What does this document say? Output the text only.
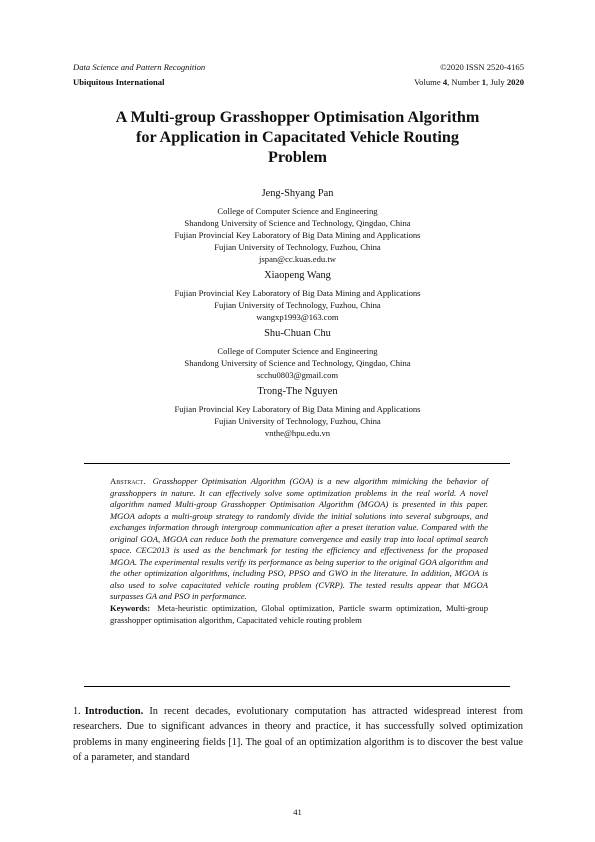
Data Science and Pattern Recognition
Ubiquitous International
©2020 ISSN 2520-4165
Volume 4, Number 1, July 2020
A Multi-group Grasshopper Optimisation Algorithm
for Application in Capacitated Vehicle Routing
Problem
Jeng-Shyang Pan
College of Computer Science and Engineering
Shandong University of Science and Technology, Qingdao, China
Fujian Provincial Key Laboratory of Big Data Mining and Applications
Fujian University of Technology, Fuzhou, China
jspan@cc.kuas.edu.tw
Xiaopeng Wang
Fujian Provincial Key Laboratory of Big Data Mining and Applications
Fujian University of Technology, Fuzhou, China
wangxp1993@163.com
Shu-Chuan Chu
College of Computer Science and Engineering
Shandong University of Science and Technology, Qingdao, China
scchu0803@gmail.com
Trong-The Nguyen
Fujian Provincial Key Laboratory of Big Data Mining and Applications
Fujian University of Technology, Fuzhou, China
vnthe@hpu.edu.vn
Abstract. Grasshopper Optimisation Algorithm (GOA) is a new algorithm mimicking the behavior of grasshoppers in nature. It can effectively solve some optimization problems in the real world. A novel algorithm named Multi-group Grasshopper Optimisation Algorithm (MGOA) is presented in this paper. MGOA adopts a multi-group strategy to randomly divide the initial solutions into several subgroups, and exchanges information through intergroup communication after a preset iteration value. Compared with the original GOA, MGOA can reduce both the premature convergence and easily trap into local optimal search space. CEC2013 is used as the benchmark for testing the efficiency and effectiveness for the proposed MGOA. The experimental results verify its performance as being superior to the original GOA algorithm and the other optimization algorithms, including PSO, PPSO and GWO in the literature. In addition, MGOA is also used to solve capacitated vehicle routing problem (CVRP). The tested results appear that MGOA surpasses GA and PSO in performance.
Keywords: Meta-heuristic optimization, Global optimization, Particle swarm optimization, Multi-group grasshopper optimisation algorithm, Capacitated vehicle routing problem
1. Introduction. In recent decades, evolutionary computation has attracted widespread interest from researchers. Due to significant advances in theory and practice, it has successfully solved optimization problems in many engineering fields [1]. The goal of an optimization algorithm is to discover the best value of a parameter, and standard
41
